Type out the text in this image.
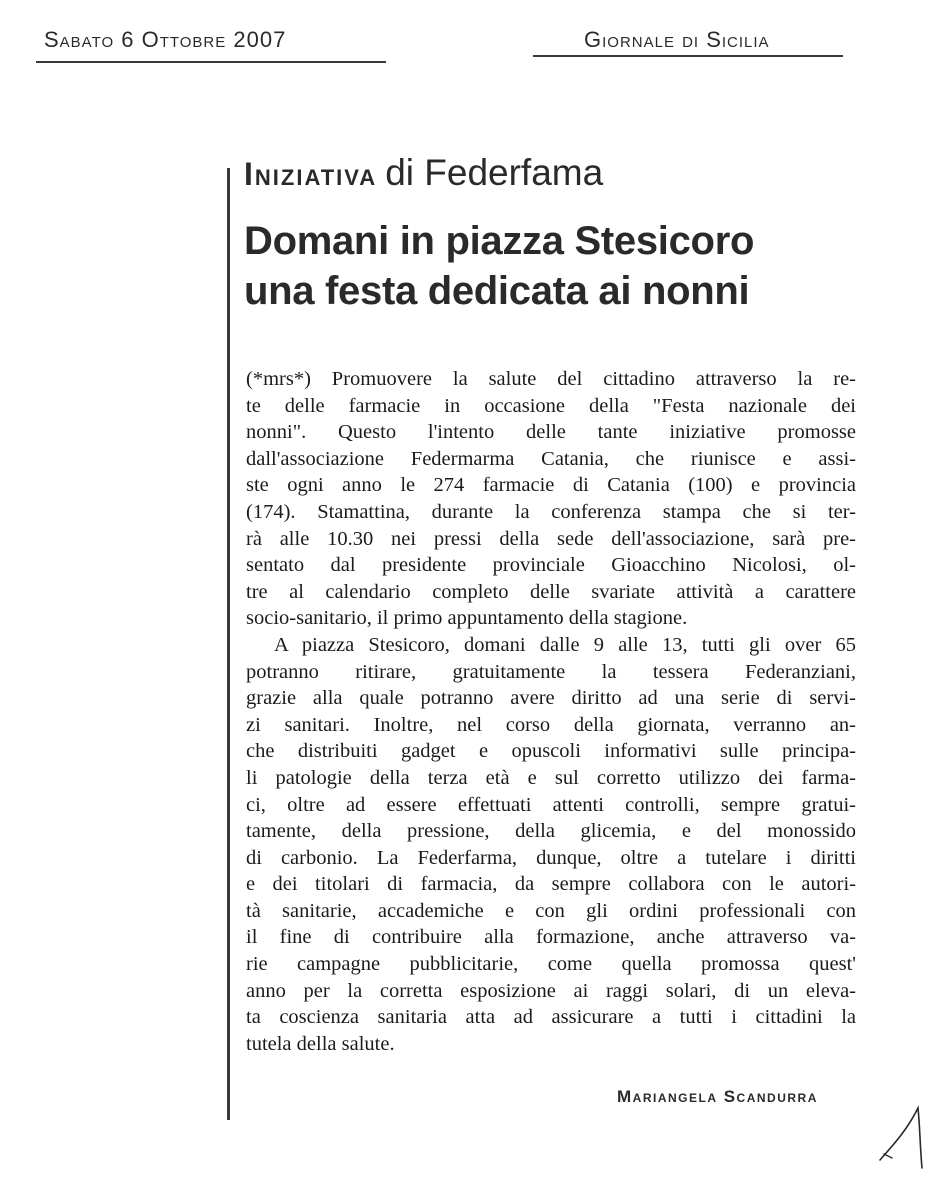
Sabato 6 Ottobre 2007	Giornale di Sicilia
Iniziativa di Federfama
Domani in piazza Stesicoro
una festa dedicata ai nonni
(*mrs*) Promuovere la salute del cittadino attraverso la re-
te delle farmacie in occasione della "Festa nazionale dei
nonni". Questo l'intento delle tante iniziative promosse
dall'associazione Federmarma Catania, che riunisce e assi-
ste ogni anno le 274 farmacie di Catania (100) e provincia
(174). Stamattina, durante la conferenza stampa che si ter-
rà alle 10.30 nei pressi della sede dell'associazione, sarà pre-
sentato dal presidente provinciale Gioacchino Nicolosi, ol-
tre al calendario completo delle svariate attività a carattere
socio-sanitario, il primo appuntamento della stagione.
A piazza Stesicoro, domani dalle 9 alle 13, tutti gli over 65
potranno ritirare, gratuitamente la tessera Federanziani,
grazie alla quale potranno avere diritto ad una serie di servi-
zi sanitari. Inoltre, nel corso della giornata, verranno an-
che distribuiti gadget e opuscoli informativi sulle principa-
li patologie della terza età e sul corretto utilizzo dei farma-
ci, oltre ad essere effettuati attenti controlli, sempre gratui-
tamente, della pressione, della glicemia, e del monossido
di carbonio. La Federfarma, dunque, oltre a tutelare i diritti
e dei titolari di farmacia, da sempre collabora con le autori-
tà sanitarie, accademiche e con gli ordini professionali con
il fine di contribuire alla formazione, anche attraverso va-
rie campagne pubblicitarie, come quella promossa quest'
anno per la corretta esposizione ai raggi solari, di un eleva-
ta coscienza sanitaria atta ad assicurare a tutti i cittadini la
tutela della salute.
Mariangela Scandurra
